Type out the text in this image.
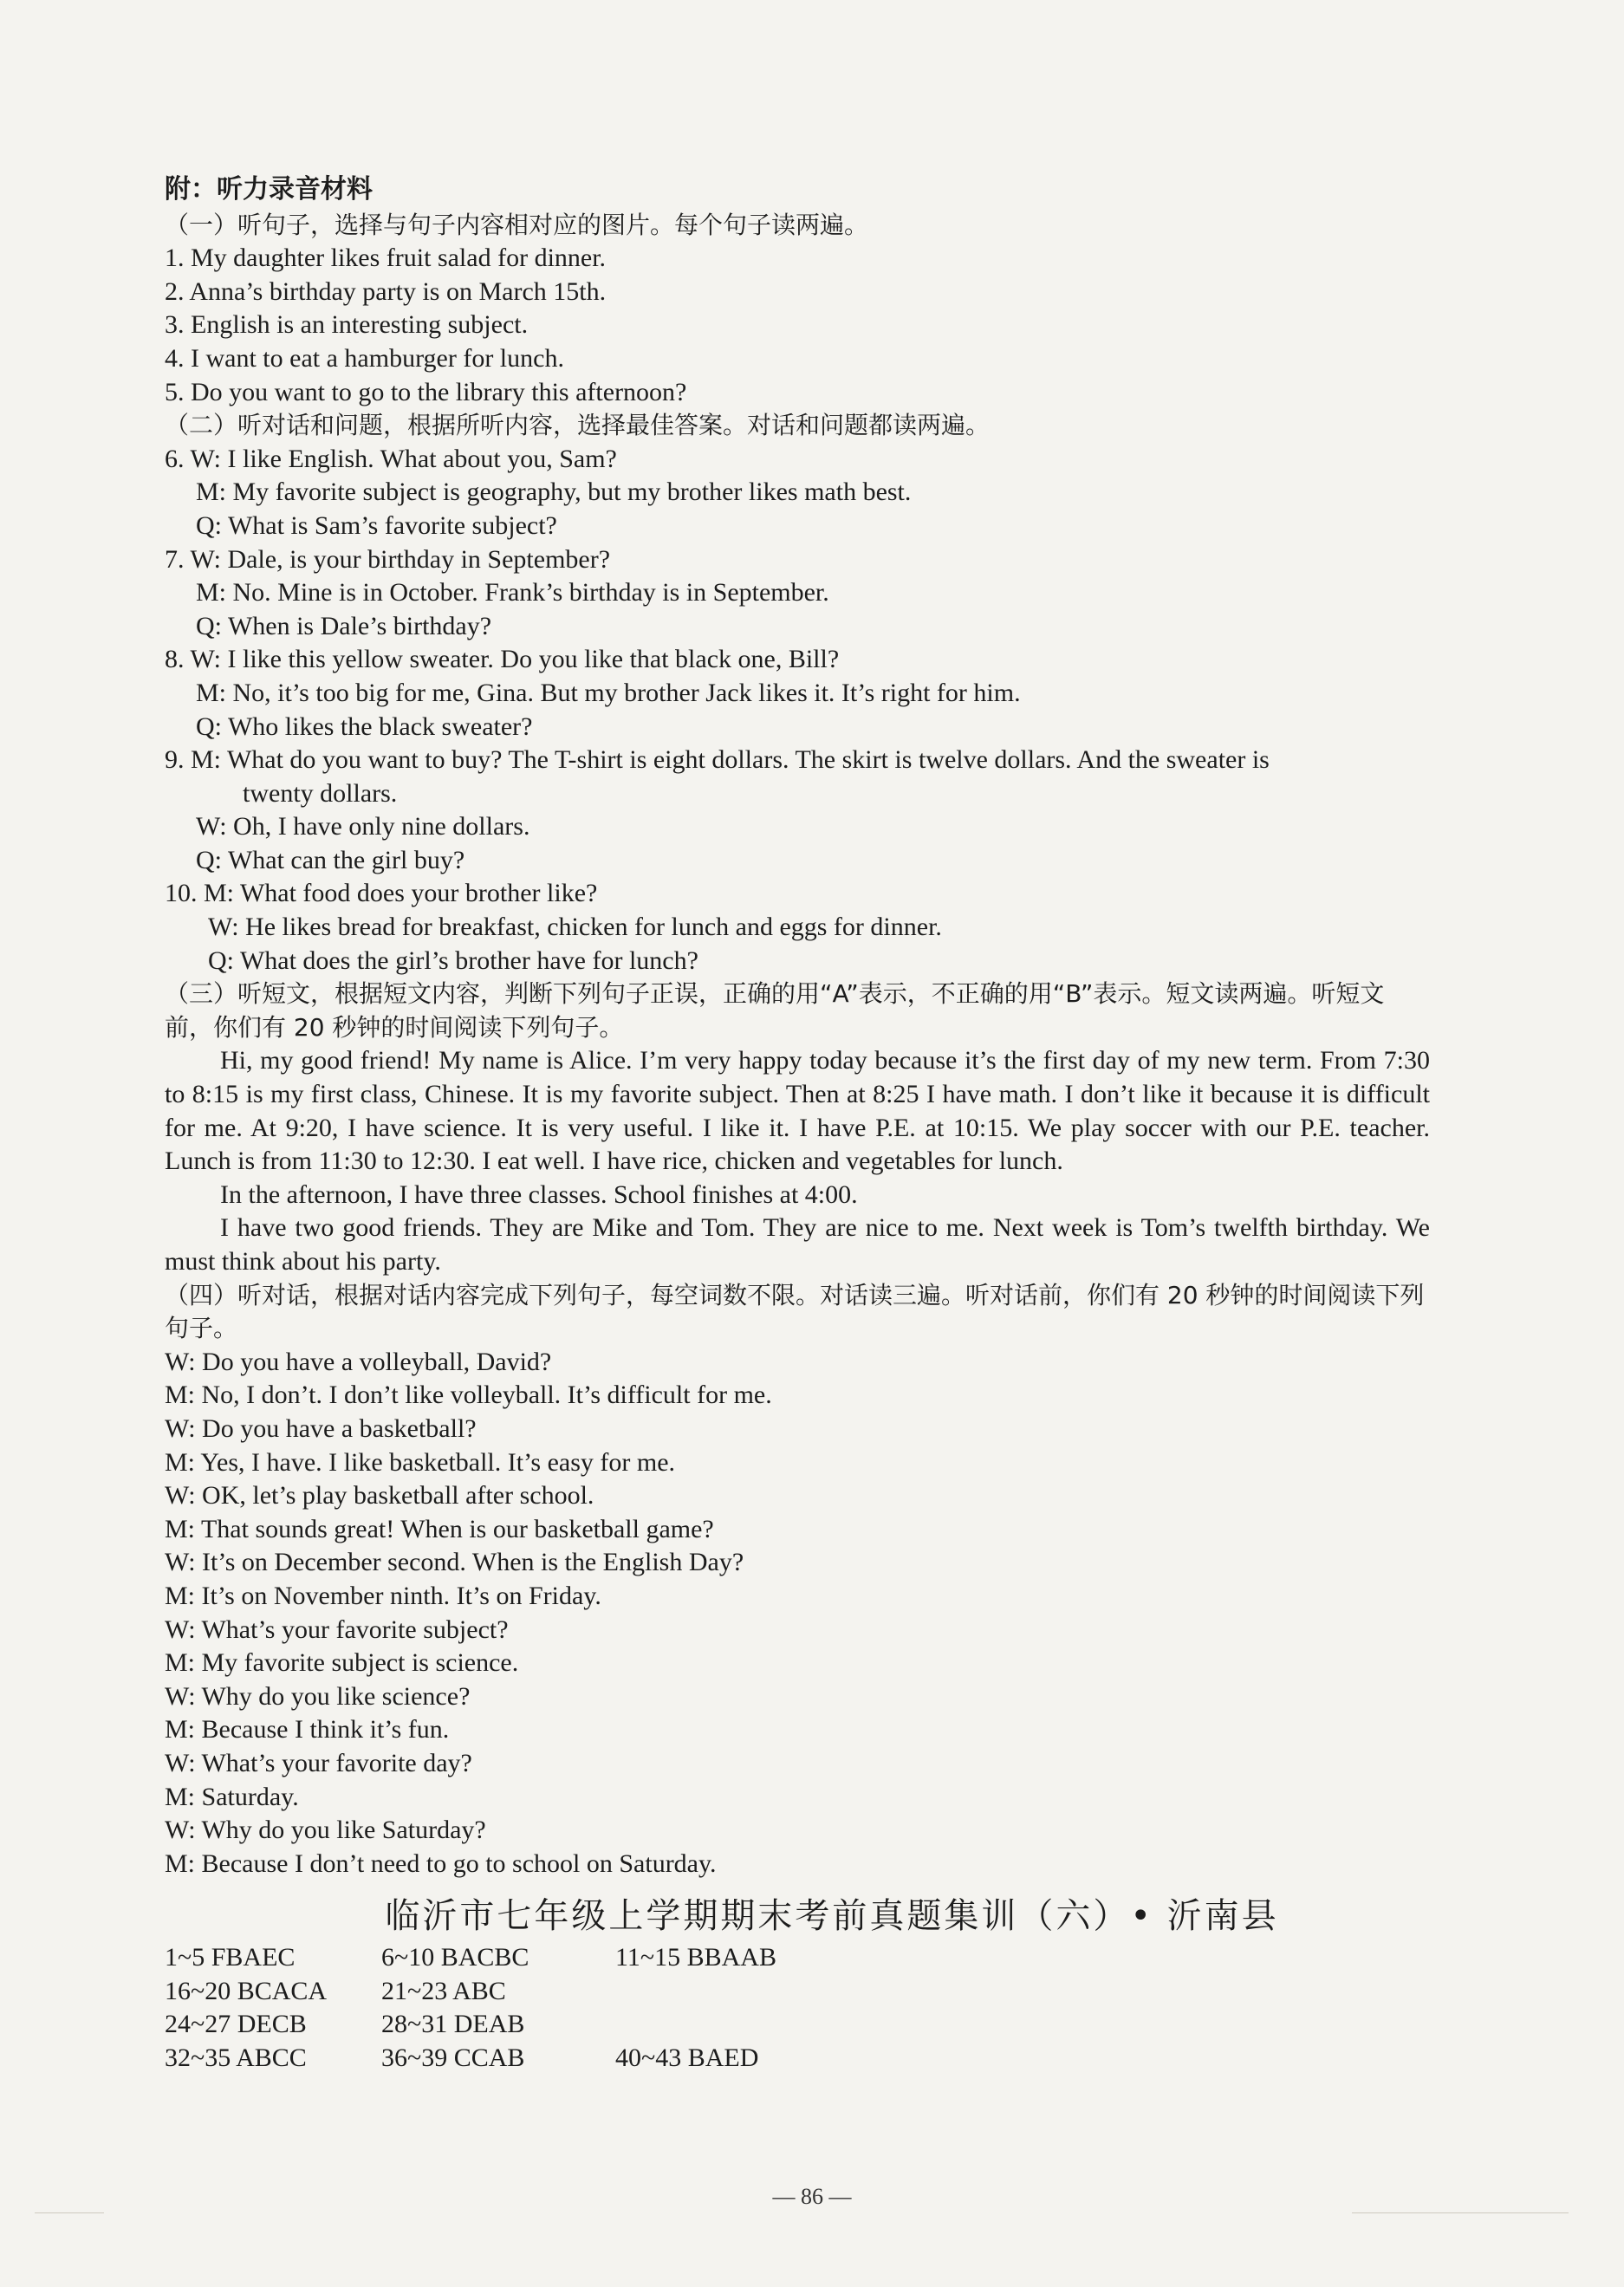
附：听力录音材料

（一）听句子，选择与句子内容相对应的图片。每个句子读两遍。

1. My daughter likes fruit salad for dinner.

2. Anna’s birthday party is on March 15th.

3. English is an interesting subject.

4. I want to eat a hamburger for lunch.

5. Do you want to go to the library this afternoon?

（二）听对话和问题，根据所听内容，选择最佳答案。对话和问题都读两遍。

6. W: I like English. What about you, Sam?

M: My favorite subject is geography, but my brother likes math best.

Q: What is Sam’s favorite subject?

7. W: Dale, is your birthday in September?

M: No. Mine is in October. Frank’s birthday is in September.

Q: When is Dale’s birthday?

8. W: I like this yellow sweater. Do you like that black one, Bill?

M: No, it’s too big for me, Gina. But my brother Jack likes it. It’s right for him.

Q: Who likes the black sweater?

9. M: What do you want to buy? The T-shirt is eight dollars. The skirt is twelve dollars. And the sweater is

twenty dollars.

W: Oh, I have only nine dollars.

Q: What can the girl buy?

10. M: What food does your brother like?

W: He likes bread for breakfast, chicken for lunch and eggs for dinner.

Q: What does the girl’s brother have for lunch?

（三）听短文，根据短文内容，判断下列句子正误，正确的用“A”表示，不正确的用“B”表示。短文读两遍。听短文前，你们有 20 秒钟的时间阅读下列句子。

Hi, my good friend! My name is Alice. I’m very happy today because it’s the first day of my new term. From 7:30 to 8:15 is my first class, Chinese. It is my favorite subject. Then at 8:25 I have math. I don’t like it because it is difficult for me. At 9:20, I have science. It is very useful. I like it. I have P.E. at 10:15. We play soccer with our P.E. teacher. Lunch is from 11:30 to 12:30. I eat well. I have rice, chicken and vegetables for lunch.

In the afternoon, I have three classes. School finishes at 4:00.

I have two good friends. They are Mike and Tom. They are nice to me. Next week is Tom’s twelfth birthday. We must think about his party.

（四）听对话，根据对话内容完成下列句子，每空词数不限。对话读三遍。听对话前，你们有 20 秒钟的时间阅读下列句子。

W: Do you have a volleyball, David?

M: No, I don’t. I don’t like volleyball. It’s difficult for me.

W: Do you have a basketball?

M: Yes, I have. I like basketball. It’s easy for me.

W: OK, let’s play basketball after school.

M: That sounds great! When is our basketball game?

W: It’s on December second. When is the English Day?

M: It’s on November ninth. It’s on Friday.

W: What’s your favorite subject?

M: My favorite subject is science.

W: Why do you like science?

M: Because I think it’s fun.

W: What’s your favorite day?

M: Saturday.

W: Why do you like Saturday?

M: Because I don’t need to go to school on Saturday.

临沂市七年级上学期期末考前真题集训（六）• 沂南县

1~5 FBAEC	6~10 BACBC	11~15 BBAAB
16~20 BCACA	21~23 ABC
24~27 DECB	28~31 DEAB
32~35 ABCC	36~39 CCAB	40~43 BAED
— 86 —
